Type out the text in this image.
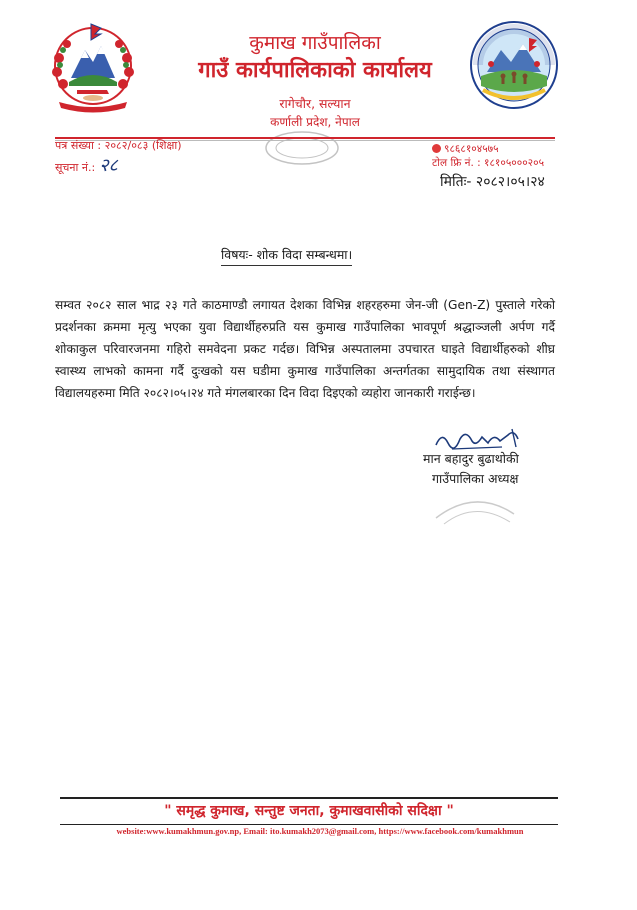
कुमाख गाउँपालिका
गाउँ कार्यपालिकाको कार्यालय
रागेचौर, सल्यान
कर्णाली प्रदेश, नेपाल
पत्र संख्या : २०८२/०८३ (शिक्षा)
सूचना नं.: २८
९८६८१०४५७५
टोल फ्रि नं. : १८१०५०००२०५
मितिः- २०८२।०५।२४
विषयः- शोक विदा सम्बन्धमा।
सम्वत २०८२ साल भाद्र २३ गते काठमाण्डौ लगायत देशका विभिन्न शहरहरुमा जेन-जी (Gen-Z) पुस्ताले गरेको प्रदर्शनका क्रममा मृत्यु भएका युवा विद्यार्थीहरुप्रति यस कुमाख गाउँपालिका भावपूर्ण श्रद्धाञ्जली अर्पण गर्दै शोकाकुल परिवारजनमा गहिरो समवेदना प्रकट गर्दछ। विभिन्न अस्पतालमा उपचारत घाइते विद्यार्थीहरुको शीघ्र स्वास्थ्य लाभको कामना गर्दै दुःखको यस घडीमा कुमाख गाउँपालिका अन्तर्गतका सामुदायिक तथा संस्थागत विद्यालयहरुमा मिति २०८२।०५।२४ गते मंगलबारका दिन विदा दिइएको व्यहोरा जानकारी गराईन्छ।
मान बहादुर बुढाथोकी
गाउँपालिका अध्यक्ष
" समृद्ध कुमाख, सन्तुष्ट जनता, कुमाखवासीको सदिक्षा "
website:www.kumakhmun.gov.np, Email: ito.kumakh2073@gmail.com, https://www.facebook.com/kumakhmun
